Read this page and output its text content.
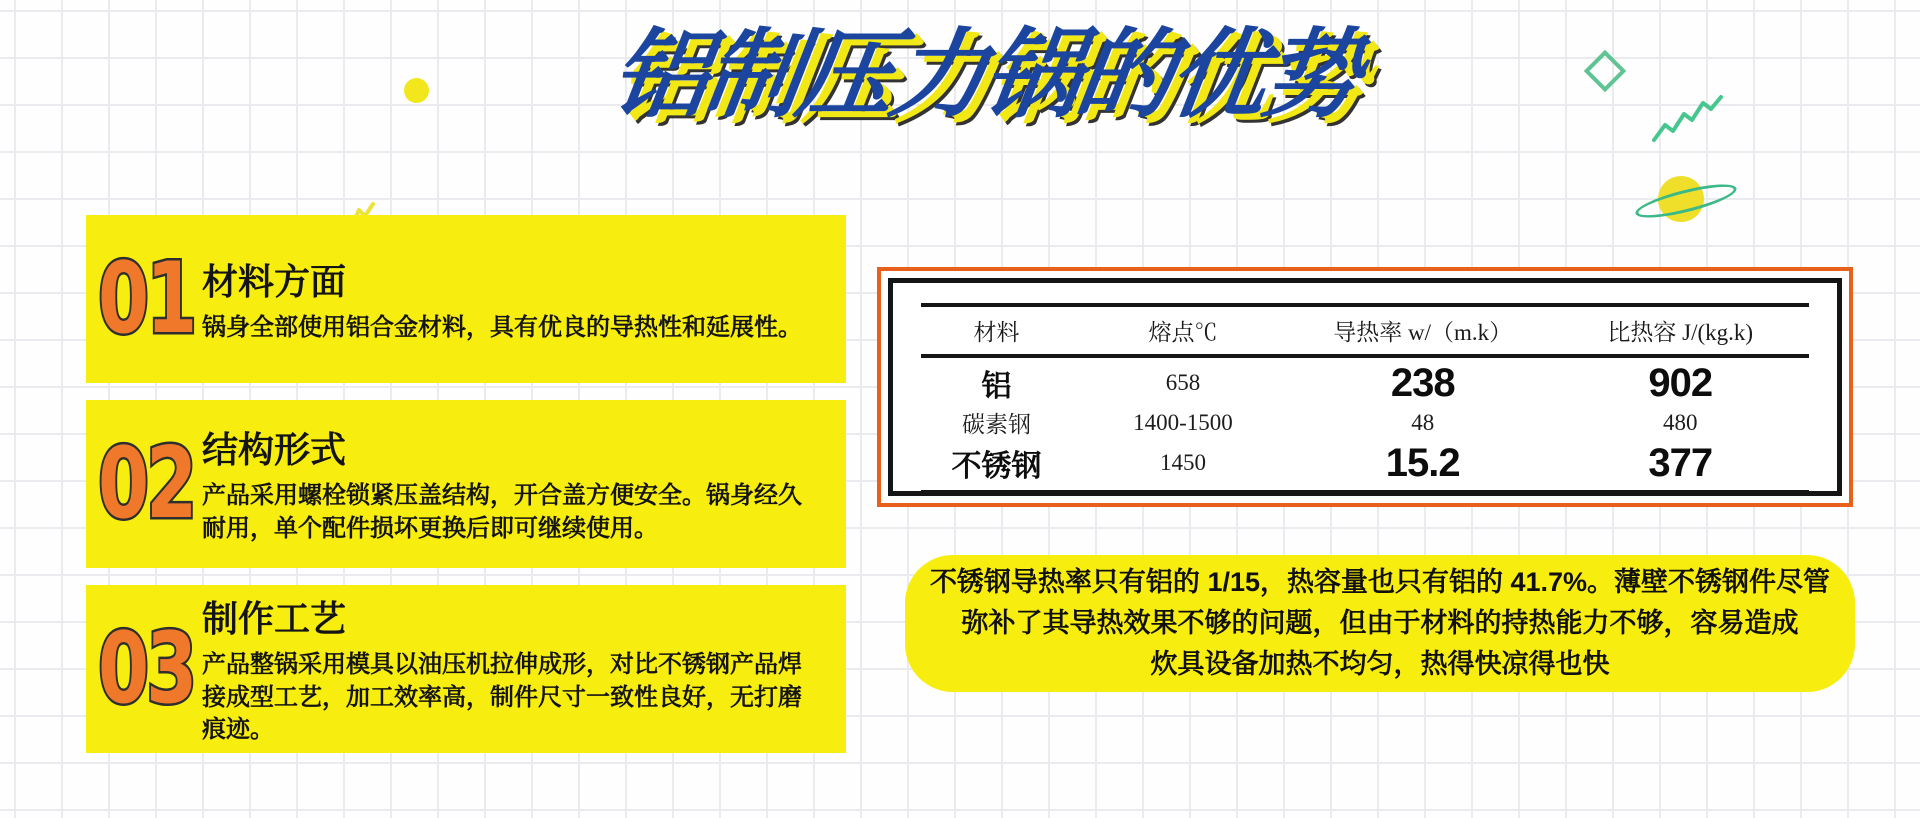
铝制压力锅的优势
01 材料方面
锅身全部使用铝合金材料，具有优良的导热性和延展性。
02 结构形式
产品采用螺栓锁紧压盖结构，开合盖方便安全。锅身经久耐用，单个配件损坏更换后即可继续使用。
03 制作工艺
产品整锅采用模具以油压机拉伸成形，对比不锈钢产品焊接成型工艺，加工效率高，制件尺寸一致性良好，无打磨痕迹。
材料	熔点℃	导热率 w/（m.k）	比热容 J/(kg.k)
铝	658	238	902
碳素钢	1400-1500	48	480
不锈钢	1450	15.2	377
不锈钢导热率只有铝的 1/15，热容量也只有铝的 41.7%。薄壁不锈钢件尽管
弥补了其导热效果不够的问题，但由于材料的持热能力不够，容易造成
炊具设备加热不均匀，热得快凉得也快
